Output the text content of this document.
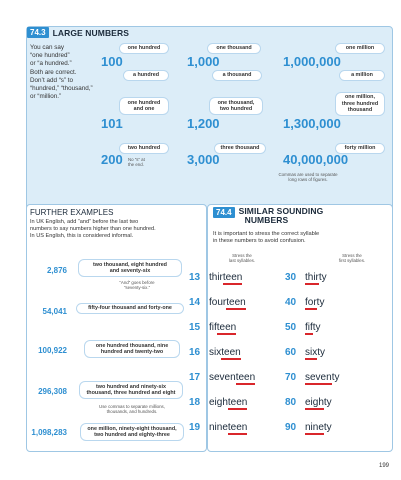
74.3 LARGE NUMBERS
You can say
“one hundred”
or “a hundred.”
Both are correct.
Don’t add “s” to
“hundred,” “thousand,”
or “million.”
one hundred
100
a hundred
one hundred
and one
101
two hundred
200 No “s” at
the end.
one thousand
1,000
a thousand
one thousand,
two hundred
1,200
three thousand
3,000
one million
1,000,000
a million
one million,
three hundred
thousand
1,300,000
forty million
40,000,000
Commas are used to separate
long rows of figures.
FURTHER EXAMPLES
In UK English, add “and” before the last two
numbers to say numbers higher than one hundred.
In US English, this is considered informal.
2,876
two thousand, eight hundred
and seventy-six
“And” goes before
“seventy-six.”
54,041	fifty-four thousand and forty-one
100,922
one hundred thousand, nine
hundred and twenty-two
296,308
two hundred and ninety-six
thousand, three hundred and eight
Use commas to separate millions,
thousands, and hundreds.
1,098,283	one million, ninety-eight thousand,
two hundred and eighty-three
74.4 SIMILAR SOUNDING
NUMBERS
It is important to stress the correct syllable
in these numbers to avoid confusion.
Stress the
last syllables.
Stress the
first syllables.
13 thirteen	30 thirty
14 fourteen	40 forty
15 fifteen	50 fifty
16 sixteen	60 sixty
17 seventeen	70 seventy
18 eighteen	80 eighty
19 nineteen	90 ninety
199
